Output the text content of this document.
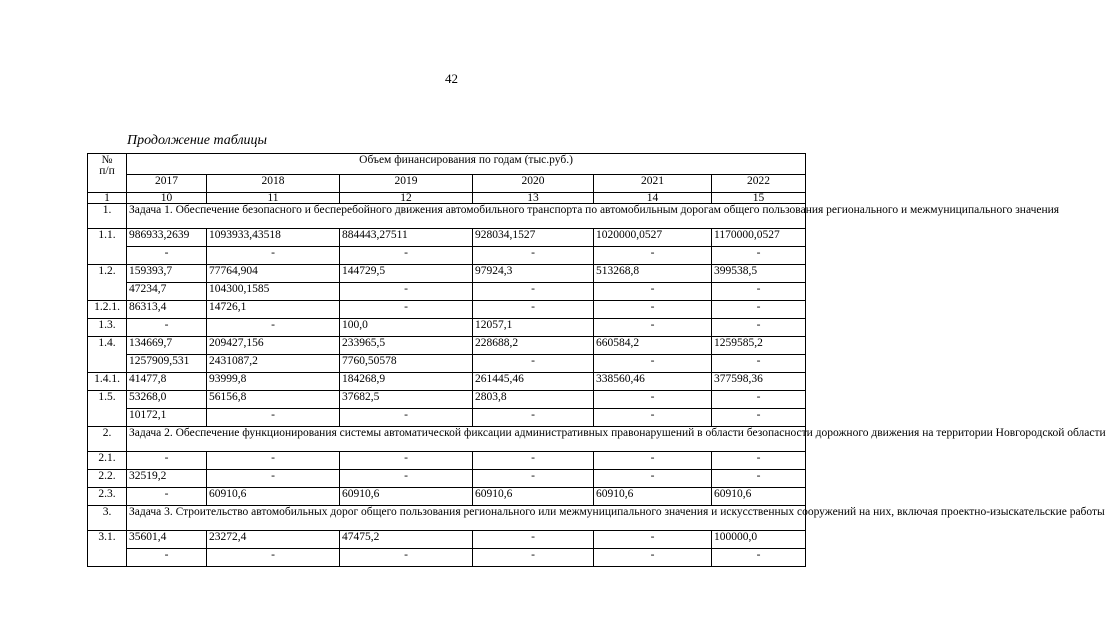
42
Продолжение таблицы
№
п/п	Объем финансирования по годам (тыс.руб.)					
	2017	2018	2019	2020	2021	2022
1	10	11	12	13	14	15
1.	Задача 1. Обеспечение безопасного и бесперебойного движения автомобильного транспорта по автомобильным дорогам общего пользования регионального и межмуниципального значения					
1.1.	986933,2639	1093933,43518	884443,27511	928034,1527	1020000,0527	1170000,0527
	-	-	-	-	-	-
1.2.	159393,7	77764,904	144729,5	97924,3	513268,8	399538,5
	47234,7	104300,1585	-	-	-	-
1.2.1.	86313,4	14726,1	-	-	-	-
1.3.	-	-	100,0	12057,1	-	-
1.4.	134669,7	209427,156	233965,5	228688,2	660584,2	1259585,2
	1257909,531	2431087,2	7760,50578	-	-	-
1.4.1.	41477,8	93999,8	184268,9	261445,46	338560,46	377598,36
1.5.	53268,0	56156,8	37682,5	2803,8	-	-
	10172,1	-	-	-	-	-
2.	Задача 2. Обеспечение функционирования системы автоматической фиксации административных правонарушений в области безопасности дорожного движения на территории Новгородской области					
2.1.	-	-	-	-	-	-
2.2.	32519,2	-	-	-	-	-
2.3.	-	60910,6	60910,6	60910,6	60910,6	60910,6
3.	Задача 3. Строительство автомобильных дорог общего пользования регионального или межмуниципального значения и искусственных сооружений на них, включая проектно-изыскательские работы					
3.1.	35601,4	23272,4	47475,2	-	-	100000,0
	-	-	-	-	-	-
